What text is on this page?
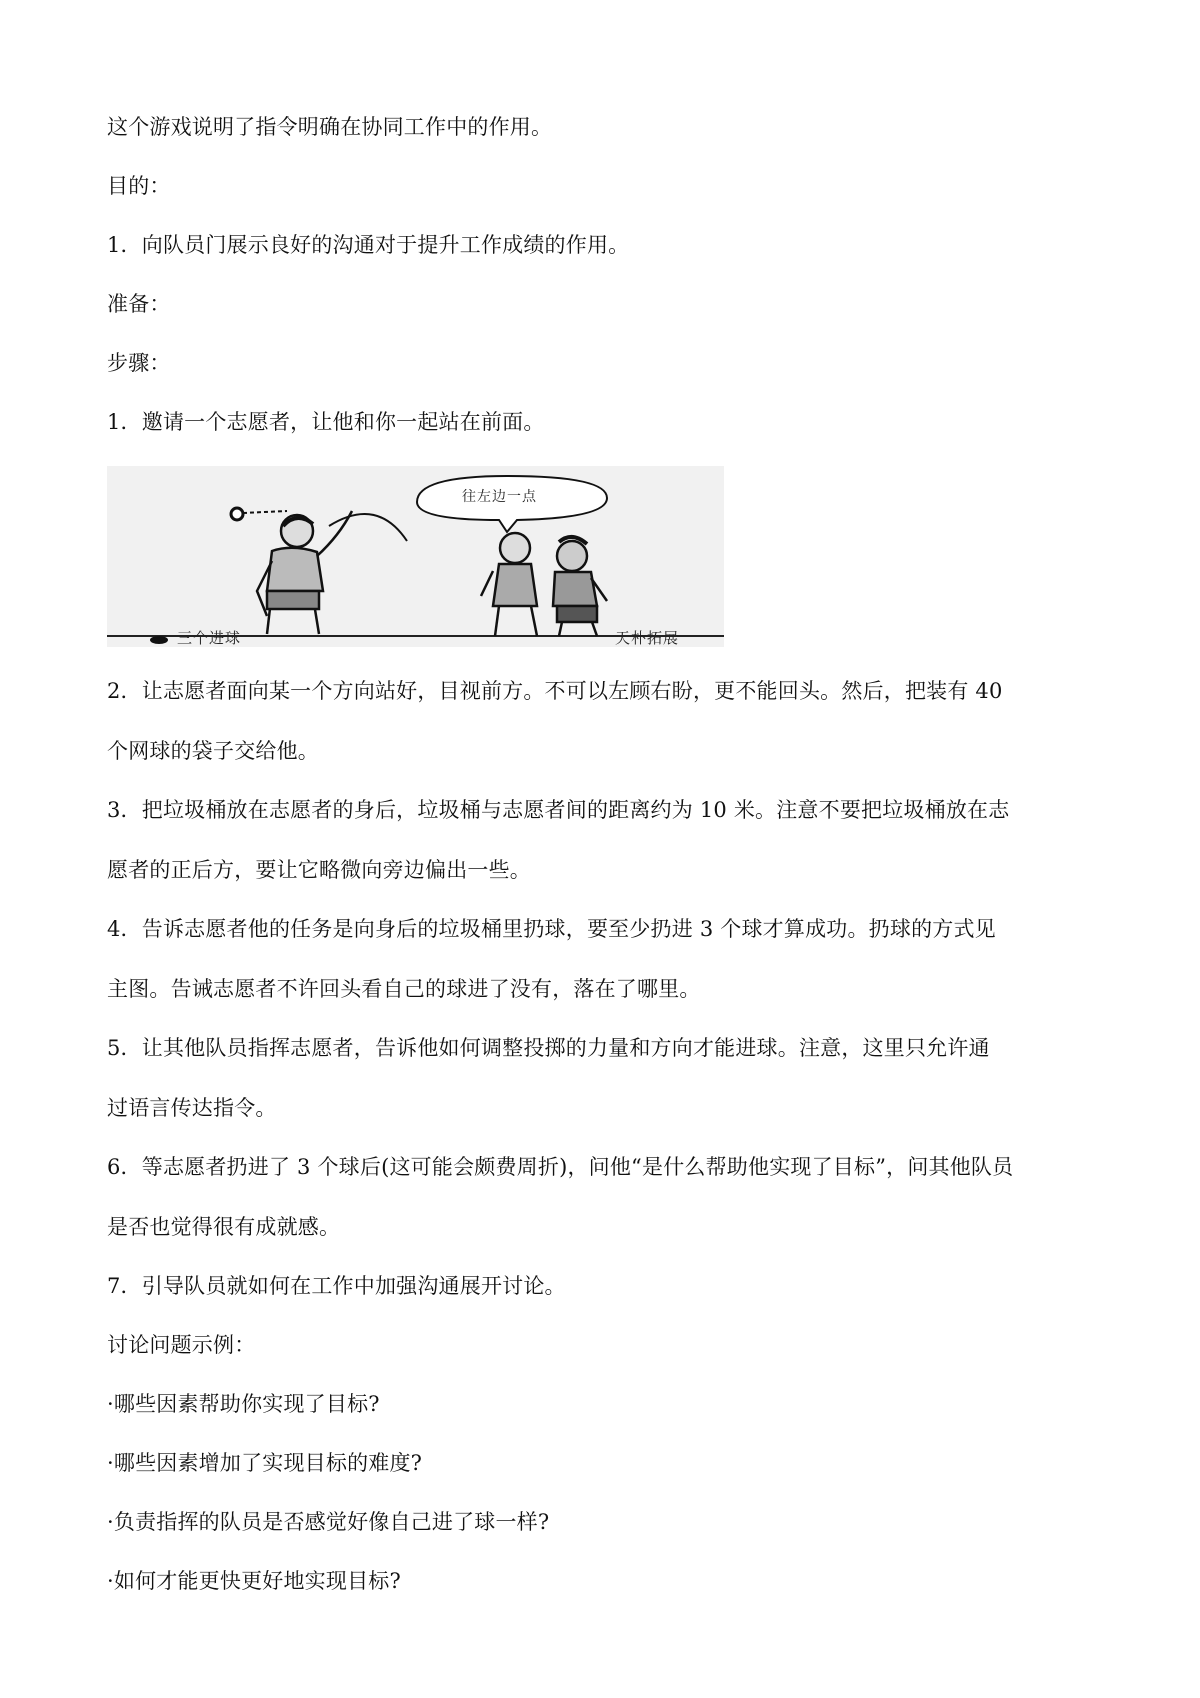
这个游戏说明了指令明确在协同工作中的作用。

目的：

1．向队员门展示良好的沟通对于提升工作成绩的作用。

准备：

步骤：

1．邀请一个志愿者，让他和你一起站在前面。

往左边一点
三个进球	天朴拓展

2．让志愿者面向某一个方向站好，目视前方。不可以左顾右盼，更不能回头。然后，把装有 40

个网球的袋子交给他。

3．把垃圾桶放在志愿者的身后，垃圾桶与志愿者间的距离约为 10 米。注意不要把垃圾桶放在志

愿者的正后方，要让它略微向旁边偏出一些。

4．告诉志愿者他的任务是向身后的垃圾桶里扔球，要至少扔进 3 个球才算成功。扔球的方式见

主图。告诫志愿者不许回头看自己的球进了没有，落在了哪里。

5．让其他队员指挥志愿者，告诉他如何调整投掷的力量和方向才能进球。注意，这里只允许通

过语言传达指令。

6．等志愿者扔进了 3 个球后(这可能会颇费周折)，问他“是什么帮助他实现了目标”，问其他队员

是否也觉得很有成就感。

7．引导队员就如何在工作中加强沟通展开讨论。

讨论问题示例：

·哪些因素帮助你实现了目标?

·哪些因素增加了实现目标的难度?

·负责指挥的队员是否感觉好像自己进了球一样?

·如何才能更快更好地实现目标?
